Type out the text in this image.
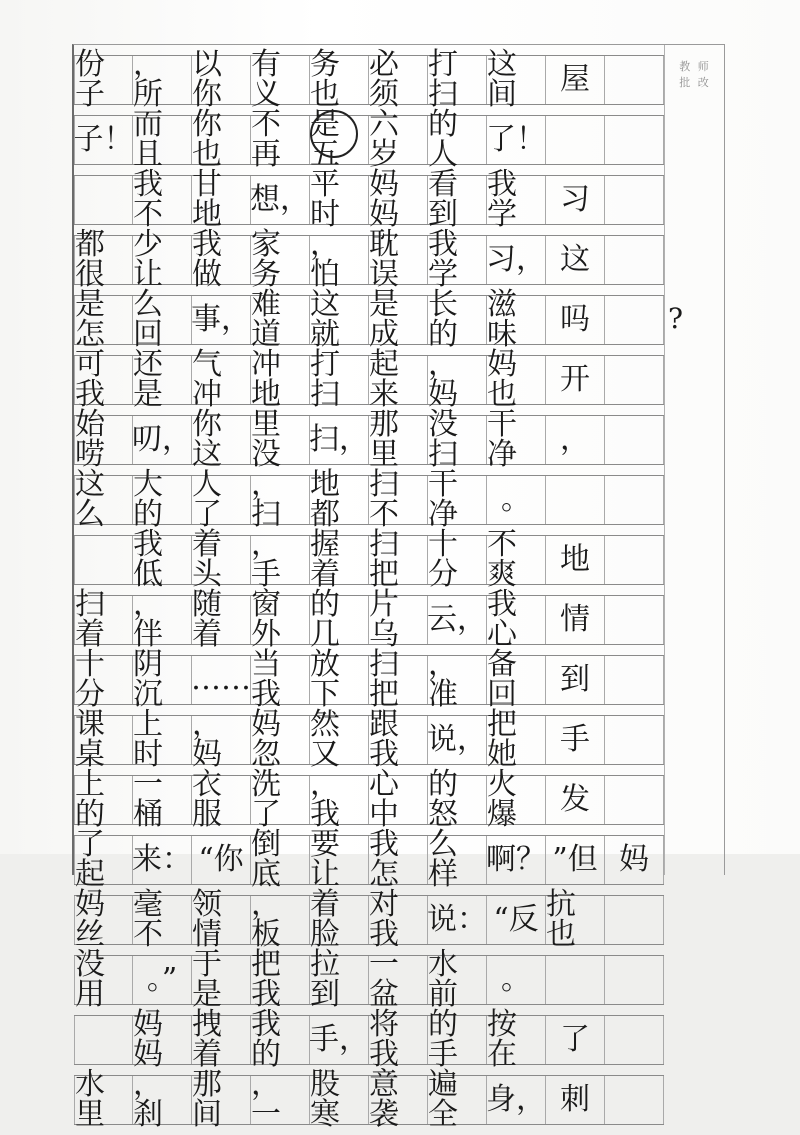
份子
，所
以你
有义
务也
必须
打扫
这间	屋
子！ 而且
你也
不再
是五
六岁
的人 了！
我不
甘地 想， 平时
妈妈
看到
我学	习
都很
少让
我做
家务
，怕
耽误
我学 习， 这
是怎
么回 事， 难道
这就
是成
长的
滋味	吗	?
可我
还是
气冲
冲地
打扫
起来
，妈
妈也	开
始唠 叨， 你这
里没 扫， 那里
没扫
干净	，
这么
大的
人了
，扫
地都
扫不
干净	。
我低
着头
，手
握着
扫把
十分
不爽	地
扫着
，伴
随着
窗外
的几
片乌 云， 我心	情
十分
阴沉 …… 当我
放下
扫把
，准
备回	到
课桌
上时
，妈
妈忽
然又
跟我 说， 把她	手
上的
一桶
衣服
洗了
，我
心中
的怒
火爆	发
了起 来： “你 倒底
要让
我怎
么样 啊？ ”但 妈
妈丝
毫不
领情
，板
着脸
对我 说： “反 抗也
没用	。” 于是
把我
拉到
一盆
水前	。
妈妈
拽着
我的 手， 将我
的手
按在	了
水里
，刹
那间
，一
股寒
意袭
遍全 身， 刺
教 师
批 改
